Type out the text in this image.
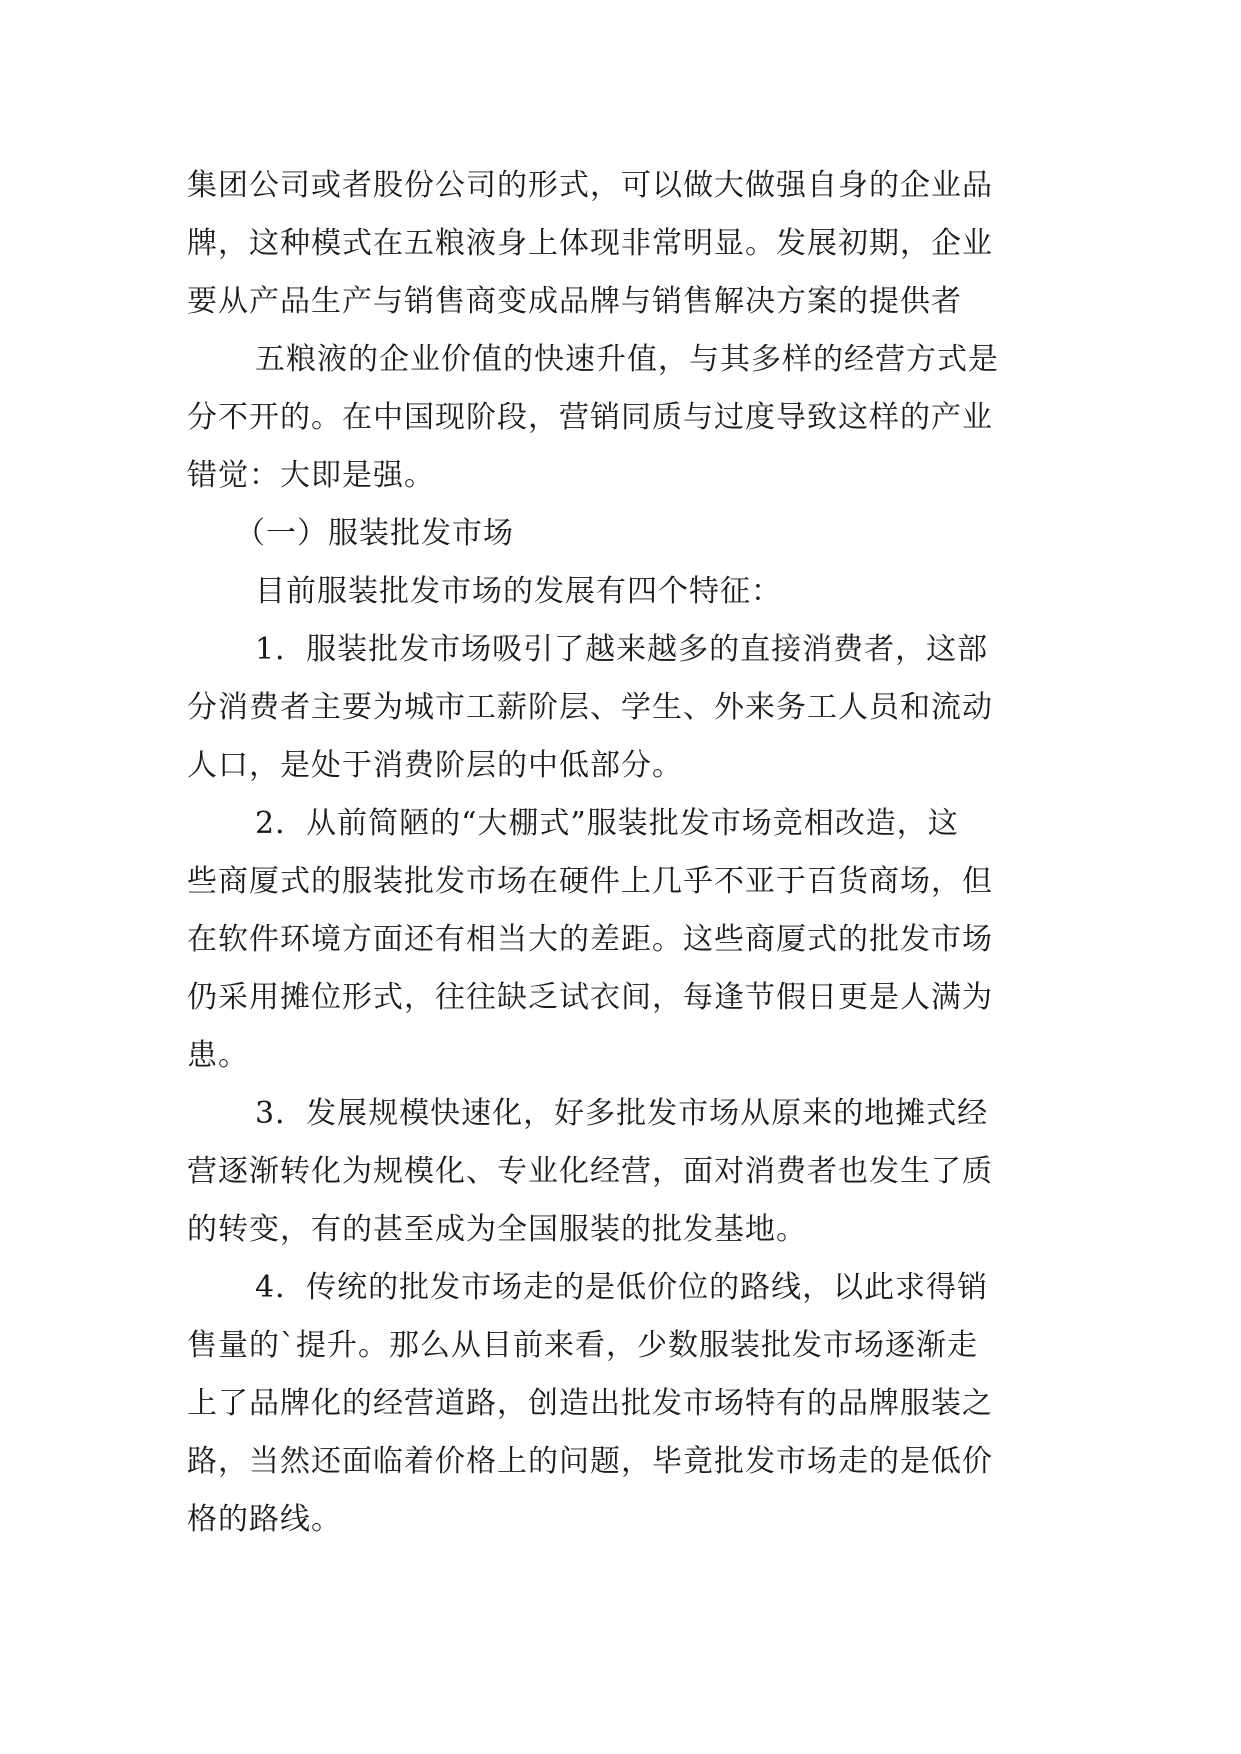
集团公司或者股份公司的形式，可以做大做强自身的企业品
牌，这种模式在五粮液身上体现非常明显。发展初期，企业
要从产品生产与销售商变成品牌与销售解决方案的提供者
五粮液的企业价值的快速升值，与其多样的经营方式是
分不开的。在中国现阶段，营销同质与过度导致这样的产业
错觉：大即是强。
（一）服装批发市场
目前服装批发市场的发展有四个特征：
1．服装批发市场吸引了越来越多的直接消费者，这部
分消费者主要为城市工薪阶层、学生、外来务工人员和流动
人口，是处于消费阶层的中低部分。
2．从前简陋的“大棚式”服装批发市场竞相改造，这
些商厦式的服装批发市场在硬件上几乎不亚于百货商场，但
在软件环境方面还有相当大的差距。这些商厦式的批发市场
仍采用摊位形式，往往缺乏试衣间，每逢节假日更是人满为
患。
3．发展规模快速化，好多批发市场从原来的地摊式经
营逐渐转化为规模化、专业化经营，面对消费者也发生了质
的转变，有的甚至成为全国服装的批发基地。
4．传统的批发市场走的是低价位的路线，以此求得销
售量的`提升。那么从目前来看，少数服装批发市场逐渐走
上了品牌化的经营道路，创造出批发市场特有的品牌服装之
路，当然还面临着价格上的问题，毕竟批发市场走的是低价
格的路线。
